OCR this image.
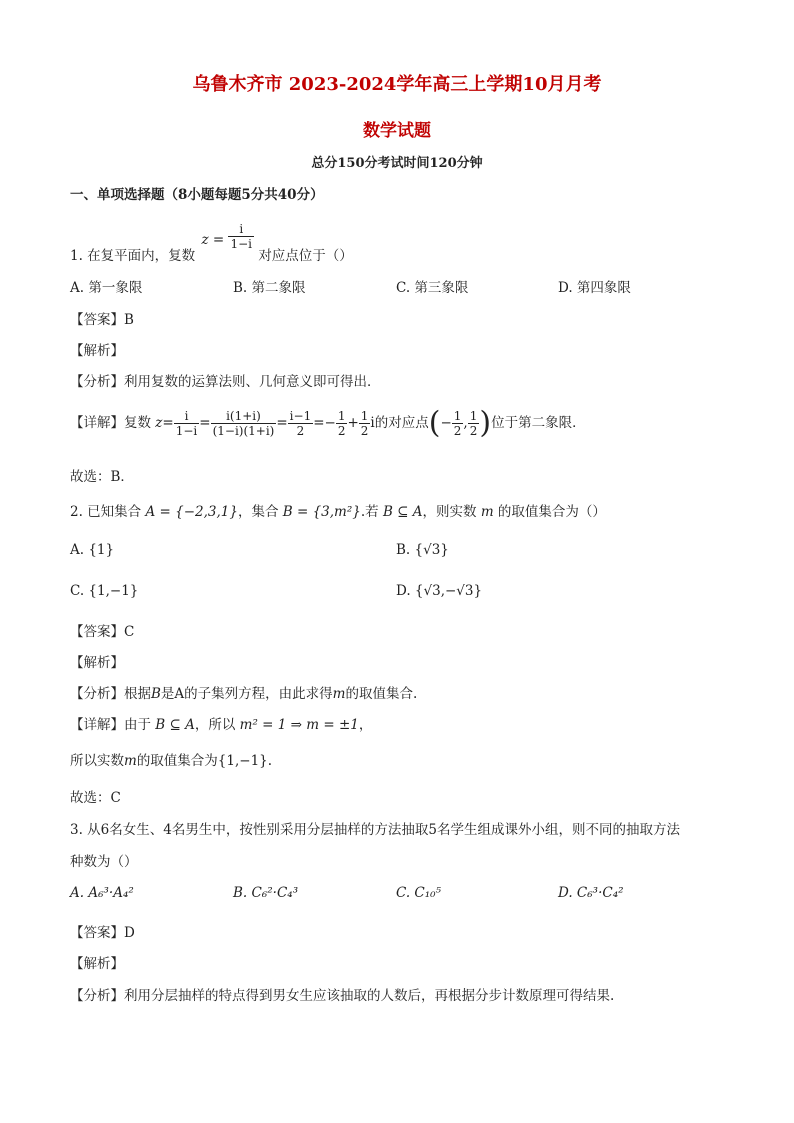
乌鲁木齐市 2023-2024学年高三上学期10月月考
数学试题
总分150分考试时间120分钟
一、单项选择题（8小题每题5分共40分）
1. 在复平面内，复数 $z = \frac{i}{1-i}$
对应点位于（）
A. 第一象限	B. 第二象限	C. 第三象限	D. 第四象限
【答案】B
【解析】
【分析】利用复数的运算法则、几何意义即可得出．
【详解】复数 $z= \frac{i}{1-i} = \frac{i(1+i)}{(1-i)(1+i)} = \frac{i-1}{2} =- \frac{1}{2} + \frac{1}{2}$ i的对应点(− $\frac{1}{2}$ , $\frac{1}{2}$ )位于第二象限．
故选：B．
2. 已知集合 A = {−2,3,1}，集合 B = {3,m²}.若 B ⊆ A，则实数 m 的取值集合为（）
A. {1}	B. {√3}
C. {1,−1}	D. {√3,−√3}
【答案】C
【解析】
【分析】根据B是A的子集列方程，由此求得m的取值集合.
【详解】由于 B ⊆ A，所以 m² = 1 ⇒ m = ±1，
所以实数m的取值集合为{1,−1}.
故选：C
3. 从6名女生、4名男生中，按性别采用分层抽样的方法抽取5名学生组成课外小组，则不同的抽取方法
种数为（）
A. A₆³·A₄²	B. C₆²·C₄³	C. C₁₀⁵	D. C₆³·C₄²
【答案】D
【解析】
【分析】利用分层抽样的特点得到男女生应该抽取的人数后，再根据分步计数原理可得结果.
